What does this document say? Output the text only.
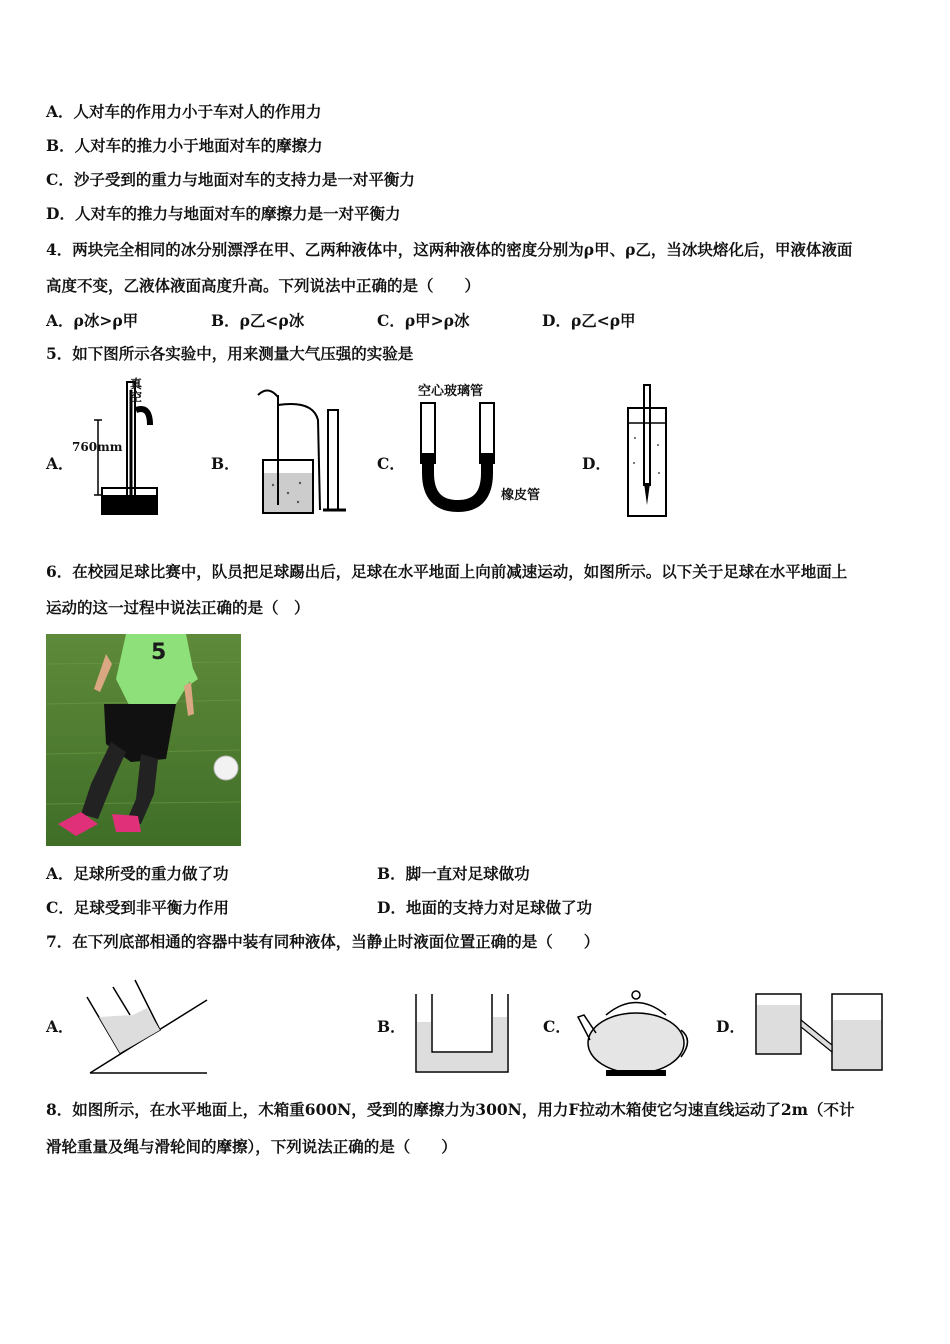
A．人对车的作用力小于车对人的作用力
B．人对车的推力小于地面对车的摩擦力
C．沙子受到的重力与地面对车的支持力是一对平衡力
D．人对车的推力与地面对车的摩擦力是一对平衡力
4．两块完全相同的冰分别漂浮在甲、乙两种液体中，这两种液体的密度分别为ρ甲、ρ乙，当冰块熔化后，甲液体液面
高度不变，乙液体液面高度升高。下列说法中正确的是（　　）
A．ρ冰>ρ甲	B．ρ乙<ρ冰	C．ρ甲>ρ冰	D．ρ乙<ρ甲
5．如下图所示各实验中，用来测量大气压强的实验是
A．
真空
760mm
B．	C．
空心玻璃管
橡皮管
D．
6．在校园足球比赛中，队员把足球踢出后，足球在水平地面上向前减速运动，如图所示。以下关于足球在水平地面上
运动的这一过程中说法正确的是（　）
5
A．足球所受的重力做了功	B．脚一直对足球做功
C．足球受到非平衡力作用	D．地面的支持力对足球做了功
7．在下列底部相通的容器中装有同种液体，当静止时液面位置正确的是（　　）
A．	B．	C．	D．
8．如图所示，在水平地面上，木箱重600N，受到的摩擦力为300N，用力F拉动木箱使它匀速直线运动了2m（不计
滑轮重量及绳与滑轮间的摩擦），下列说法正确的是（　　）
